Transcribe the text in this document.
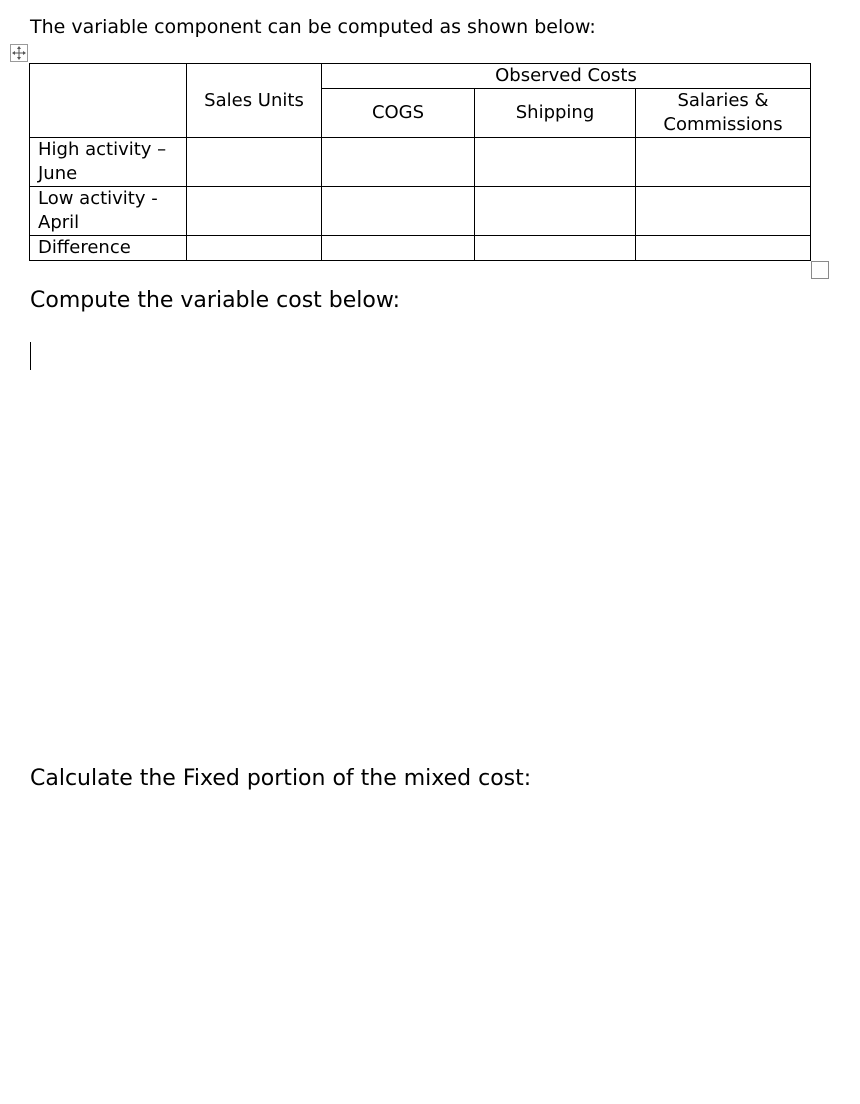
The variable component can be computed as shown below:
	Sales Units	Observed Costs		
		COGS	Shipping	Salaries & Commissions
High activity – June				
Low activity - April				
Difference				
Compute the variable cost below:
Calculate the Fixed portion of the mixed cost:
